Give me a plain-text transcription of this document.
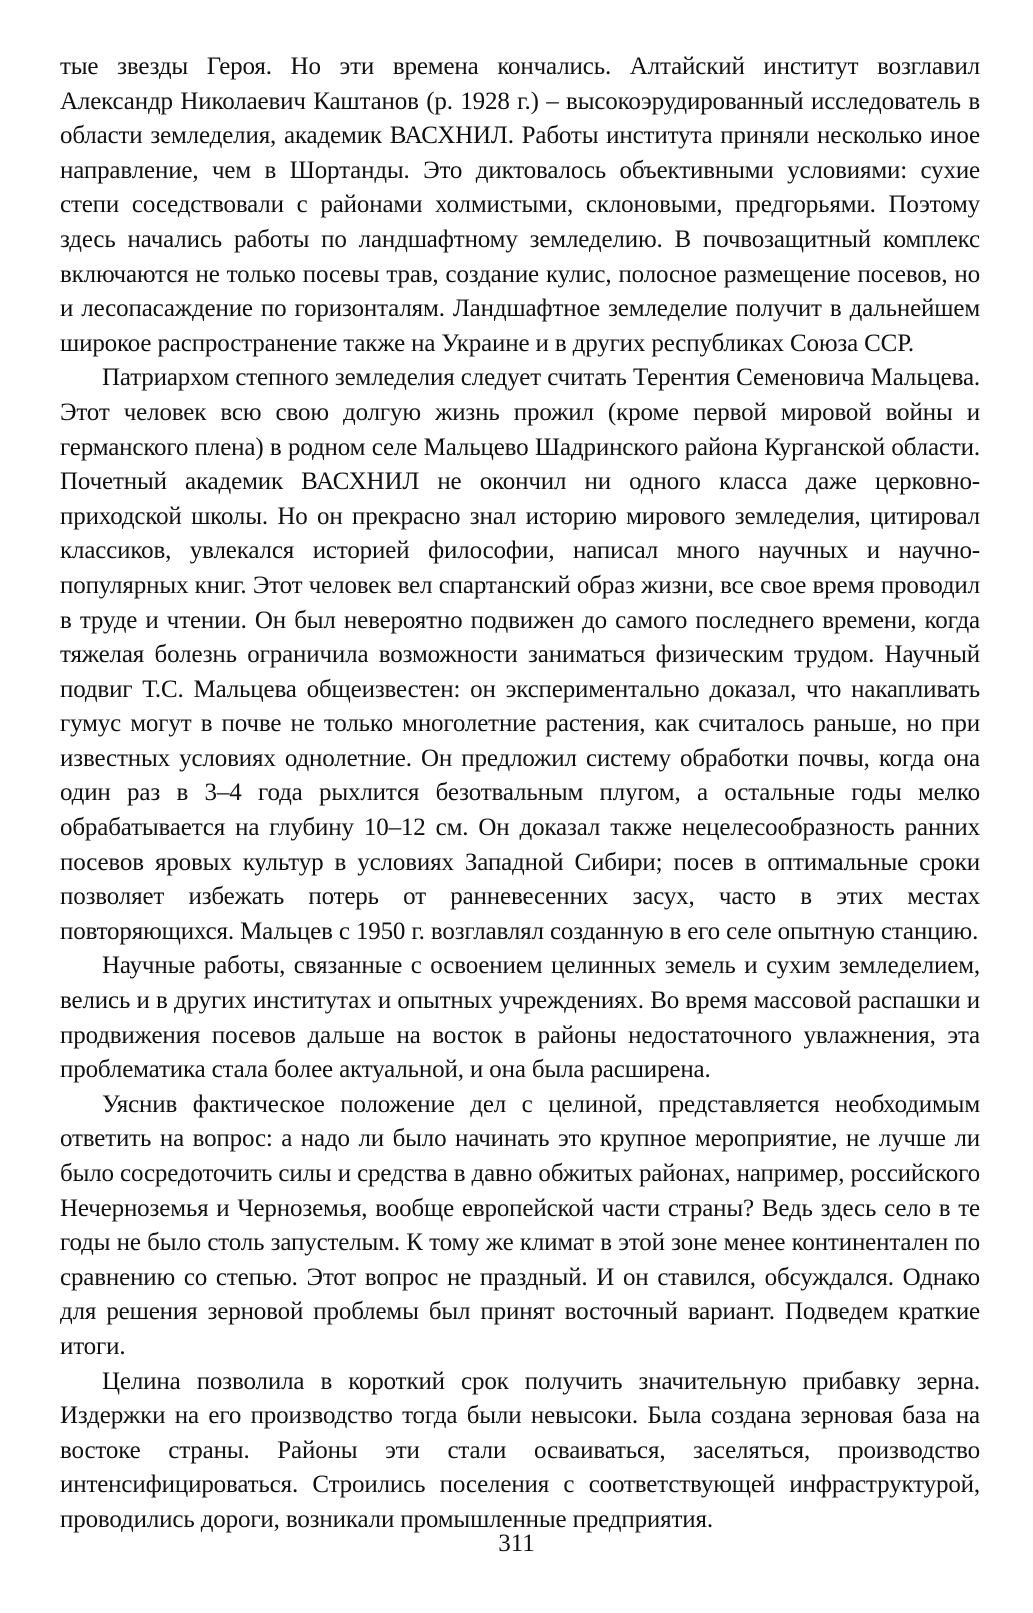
тые звезды Героя. Но эти времена кончались. Алтайский институт возглавил Александр Николаевич Каштанов (р. 1928 г.) – высокоэрудированный исследователь в области земледелия, академик ВАСХНИЛ. Работы института приняли несколько иное направление, чем в Шортанды. Это диктовалось объективными условиями: сухие степи соседствовали с районами холмистыми, склоновыми, предгорьями. Поэтому здесь начались работы по ландшафтному земледелию. В почвозащитный комплекс включаются не только посевы трав, создание кулис, полосное размещение посевов, но и лесопасаждение по горизонталям. Ландшафтное земледелие получит в дальнейшем широкое распространение также на Украине и в других республиках Союза ССР.

Патриархом степного земледелия следует считать Терентия Семеновича Мальцева. Этот человек всю свою долгую жизнь прожил (кроме первой мировой войны и германского плена) в родном селе Мальцево Шадринского района Курганской области. Почетный академик ВАСХНИЛ не окончил ни одного класса даже церковно-приходской школы. Но он прекрасно знал историю мирового земледелия, цитировал классиков, увлекался историей философии, написал много научных и научно-популярных книг. Этот человек вел спартанский образ жизни, все свое время проводил в труде и чтении. Он был невероятно подвижен до самого последнего времени, когда тяжелая болезнь ограничила возможности заниматься физическим трудом. Научный подвиг Т.С. Мальцева общеизвестен: он экспериментально доказал, что накапливать гумус могут в почве не только многолетние растения, как считалось раньше, но при известных условиях однолетние. Он предложил систему обработки почвы, когда она один раз в 3–4 года рыхлится безотвальным плугом, а остальные годы мелко обрабатывается на глубину 10–12 см. Он доказал также нецелесообразность ранних посевов яровых культур в условиях Западной Сибири; посев в оптимальные сроки позволяет избежать потерь от ранневесенних засух, часто в этих местах повторяющихся. Мальцев с 1950 г. возглавлял созданную в его селе опытную станцию.

Научные работы, связанные с освоением целинных земель и сухим земледелием, велись и в других институтах и опытных учреждениях. Во время массовой распашки и продвижения посевов дальше на восток в районы недостаточного увлажнения, эта проблематика стала более актуальной, и она была расширена.

Уяснив фактическое положение дел с целиной, представляется необходимым ответить на вопрос: а надо ли было начинать это крупное мероприятие, не лучше ли было сосредоточить силы и средства в давно обжитых районах, например, российского Нечерноземья и Черноземья, вообще европейской части страны? Ведь здесь село в те годы не было столь запустелым. К тому же климат в этой зоне менее континентален по сравнению со степью. Этот вопрос не праздный. И он ставился, обсуждался. Однако для решения зерновой проблемы был принят восточный вариант. Подведем краткие итоги.

Целина позволила в короткий срок получить значительную прибавку зерна. Издержки на его производство тогда были невысоки. Была создана зерновая база на востоке страны. Районы эти стали осваиваться, заселяться, производство интенсифицироваться. Строились поселения с соответствующей инфраструктурой, проводились дороги, возникали промышленные предприятия.

311
